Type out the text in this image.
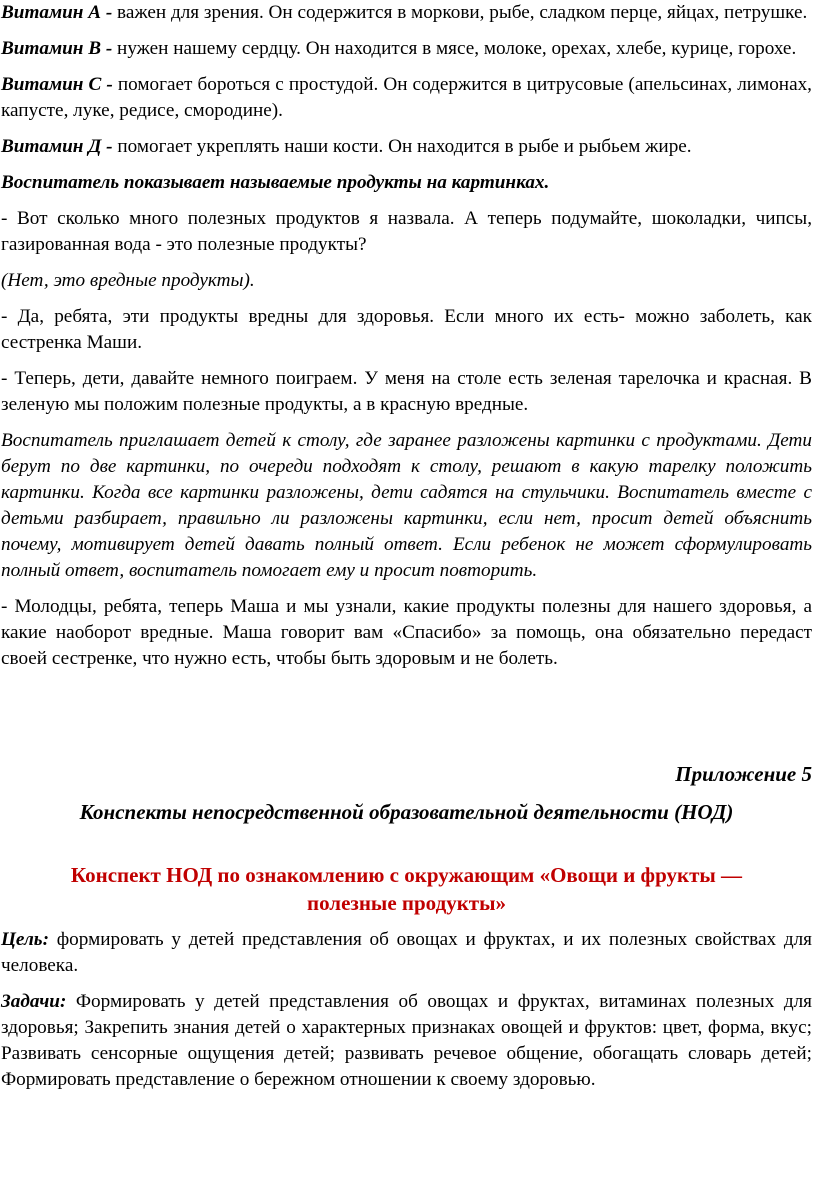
Витамин А - важен для зрения. Он содержится в моркови, рыбе, сладком перце, яйцах, петрушке.

Витамин В - нужен нашему сердцу. Он находится в мясе, молоке, орехах, хлебе, курице, горохе.

Витамин С - помогает бороться с простудой. Он содержится в цитрусовые (апельсинах, лимонах, капусте, луке, редисе, смородине).

Витамин Д - помогает укреплять наши кости. Он находится в рыбе и рыбьем жире.

Воспитатель показывает называемые продукты на картинках.

- Вот сколько много полезных продуктов я назвала. А теперь подумайте, шоколадки, чипсы, газированная вода - это полезные продукты?

(Нет, это вредные продукты).

- Да, ребята, эти продукты вредны для здоровья. Если много их есть- можно заболеть, как сестренка Маши.

- Теперь, дети, давайте немного поиграем. У меня на столе есть зеленая тарелочка и красная. В зеленую мы положим полезные продукты, а в красную вредные.

Воспитатель приглашает детей к столу, где заранее разложены картинки с продуктами. Дети берут по две картинки, по очереди подходят к столу, решают в какую тарелку положить картинки. Когда все картинки разложены, дети садятся на стульчики. Воспитатель вместе с детьми разбирает, правильно ли разложены картинки, если нет, просит детей объяснить почему, мотивирует детей давать полный ответ. Если ребенок не может сформулировать полный ответ, воспитатель помогает ему и просит повторить.

- Молодцы, ребята, теперь Маша и мы узнали, какие продукты полезны для нашего здоровья, а какие наоборот вредные. Маша говорит вам «Спасибо» за помощь, она обязательно передаст своей сестренке, что нужно есть, чтобы быть здоровым и не болеть.

Приложение 5
Конспекты непосредственной образовательной деятельности (НОД)
Конспект НОД по ознакомлению с окружающим «Овощи и фрукты —
полезные продукты»

Цель: формировать у детей представления об овощах и фруктах, и их полезных свойствах для человека.

Задачи: Формировать у детей представления об овощах и фруктах, витаминах полезных для здоровья; Закрепить знания детей о характерных признаках овощей и фруктов: цвет, форма, вкус; Развивать сенсорные ощущения детей; развивать речевое общение, обогащать словарь детей; Формировать представление о бережном отношении к своему здоровью.
